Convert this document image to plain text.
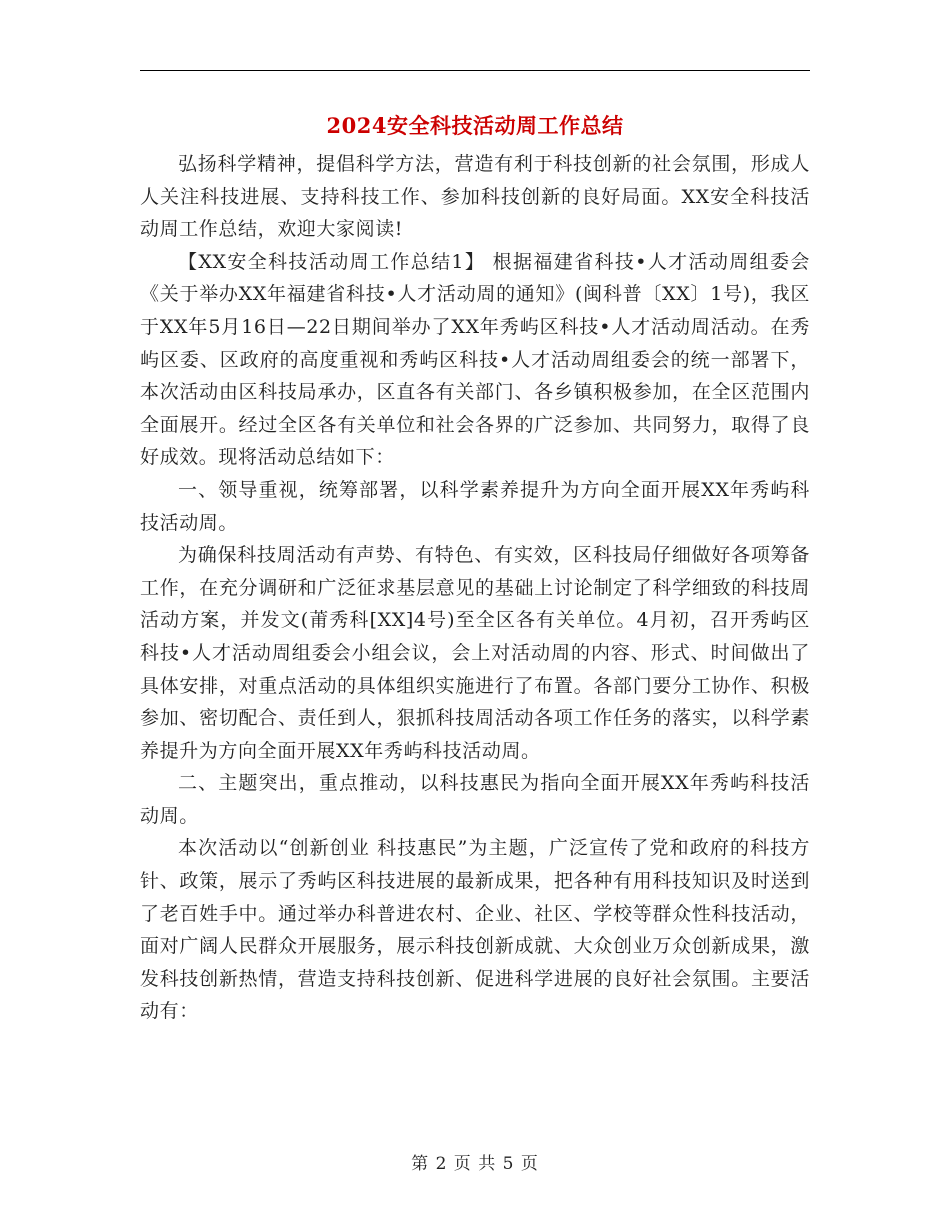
2024安全科技活动周工作总结

弘扬科学精神，提倡科学方法，营造有利于科技创新的社会氛围，形成人人关注科技进展、支持科技工作、参加科技创新的良好局面。XX安全科技活动周工作总结，欢迎大家阅读!

【XX安全科技活动周工作总结1】 根据福建省科技•人才活动周组委会《关于举办XX年福建省科技•人才活动周的通知》(闽科普〔XX〕1号)，我区于XX年5月16日—22日期间举办了XX年秀屿区科技•人才活动周活动。在秀屿区委、区政府的高度重视和秀屿区科技•人才活动周组委会的统一部署下，本次活动由区科技局承办，区直各有关部门、各乡镇积极参加，在全区范围内全面展开。经过全区各有关单位和社会各界的广泛参加、共同努力，取得了良好成效。现将活动总结如下：

一、领导重视，统筹部署，以科学素养提升为方向全面开展XX年秀屿科技活动周。

为确保科技周活动有声势、有特色、有实效，区科技局仔细做好各项筹备工作，在充分调研和广泛征求基层意见的基础上讨论制定了科学细致的科技周活动方案，并发文(莆秀科[XX]4号)至全区各有关单位。4月初，召开秀屿区科技•人才活动周组委会小组会议，会上对活动周的内容、形式、时间做出了具体安排，对重点活动的具体组织实施进行了布置。各部门要分工协作、积极参加、密切配合、责任到人，狠抓科技周活动各项工作任务的落实，以科学素养提升为方向全面开展XX年秀屿科技活动周。

二、主题突出，重点推动，以科技惠民为指向全面开展XX年秀屿科技活动周。

本次活动以“创新创业 科技惠民”为主题，广泛宣传了党和政府的科技方针、政策，展示了秀屿区科技进展的最新成果，把各种有用科技知识及时送到了老百姓手中。通过举办科普进农村、企业、社区、学校等群众性科技活动，面对广阔人民群众开展服务，展示科技创新成就、大众创业万众创新成果，激发科技创新热情，营造支持科技创新、促进科学进展的良好社会氛围。主要活动有：

第 2 页 共 5 页
